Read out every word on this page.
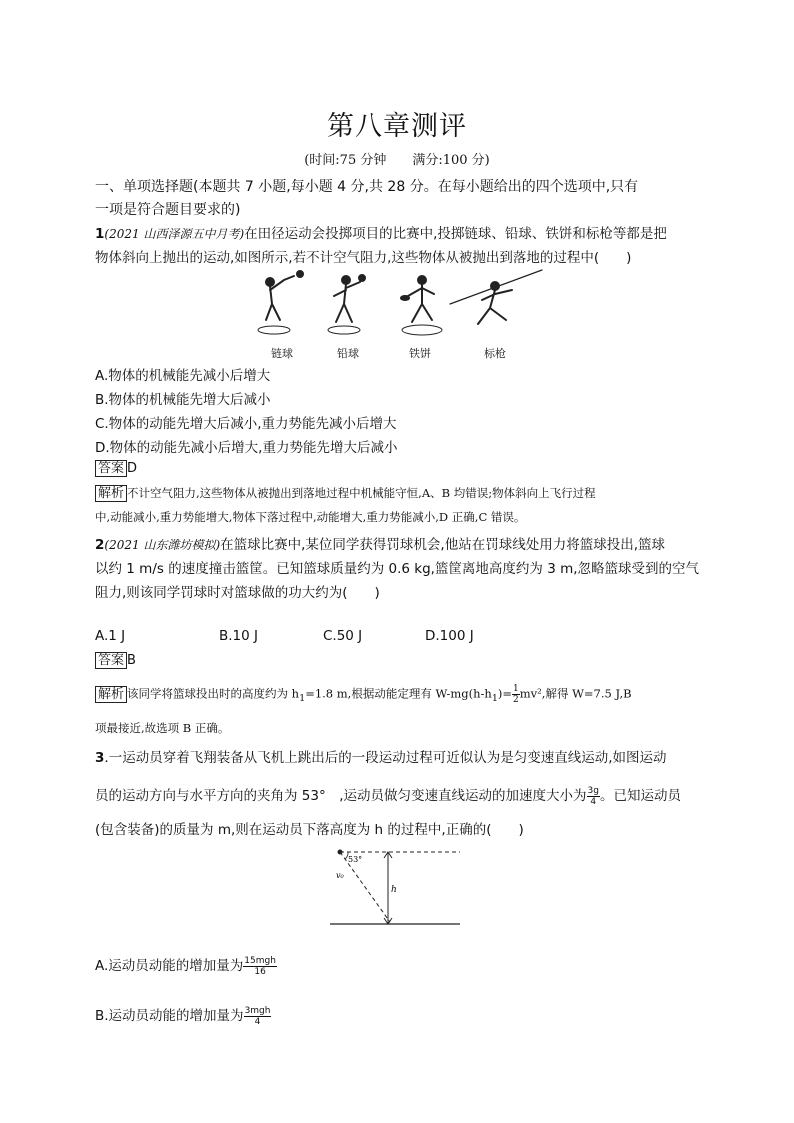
第八章测评
(时间:75 分钟　　满分:100 分)
一、单项选择题(本题共 7 小题,每小题 4 分,共 28 分。在每小题给出的四个选项中,只有
一项是符合题目要求的)
1(2021 山西泽源五中月考)在田径运动会投掷项目的比赛中,投掷链球、铅球、铁饼和标枪等都是把
物体斜向上抛出的运动,如图所示,若不计空气阻力,这些物体从被抛出到落地的过程中(　　)
链球	铅球	铁饼	标枪
A.物体的机械能先减小后增大
B.物体的机械能先增大后减小
C.物体的动能先增大后减小,重力势能先减小后增大
D.物体的动能先减小后增大,重力势能先增大后减小
答案 D
解析 不计空气阻力,这些物体从被抛出到落地过程中机械能守恒,A、B 均错误;物体斜向上飞行过程
中,动能减小,重力势能增大,物体下落过程中,动能增大,重力势能减小,D 正确,C 错误。
2(2021 山东潍坊模拟)在篮球比赛中,某位同学获得罚球机会,他站在罚球线处用力将篮球投出,篮球
以约 1 m/s 的速度撞击篮筐。已知篮球质量约为 0.6 kg,篮筐离地高度约为 3 m,忽略篮球受到的空气
阻力,则该同学罚球时对篮球做的功大约为(　　)
A.1 J	B.10 J	C.50 J	D.100 J
答案 B
解析 该同学将篮球投出时的高度约为 $h_1=1.8$ m,根据动能定理有 $W-mg(h-h_1)= \frac{1}{2} mv^2$,解得 W=7.5 J,B
项最接近,故选项 B 正确。
3.一运动员穿着飞翔装备从飞机上跳出后的一段运动过程可近似认为是匀变速直线运动,如图运动
员的运动方向与水平方向的夹角为 53°　,运动员做匀变速直线运动的加速度大小为 $\frac{3g}{4}$ 。已知运动员
(包含装备)的质量为 m,则在运动员下落高度为 h 的过程中,正确的(　　)
53°
v₀
h
A.运动员动能的增加量为 $\frac{\text{15mgh}}{16}$
B.运动员动能的增加量为 $\frac{\text{3mgh}}{4}$
